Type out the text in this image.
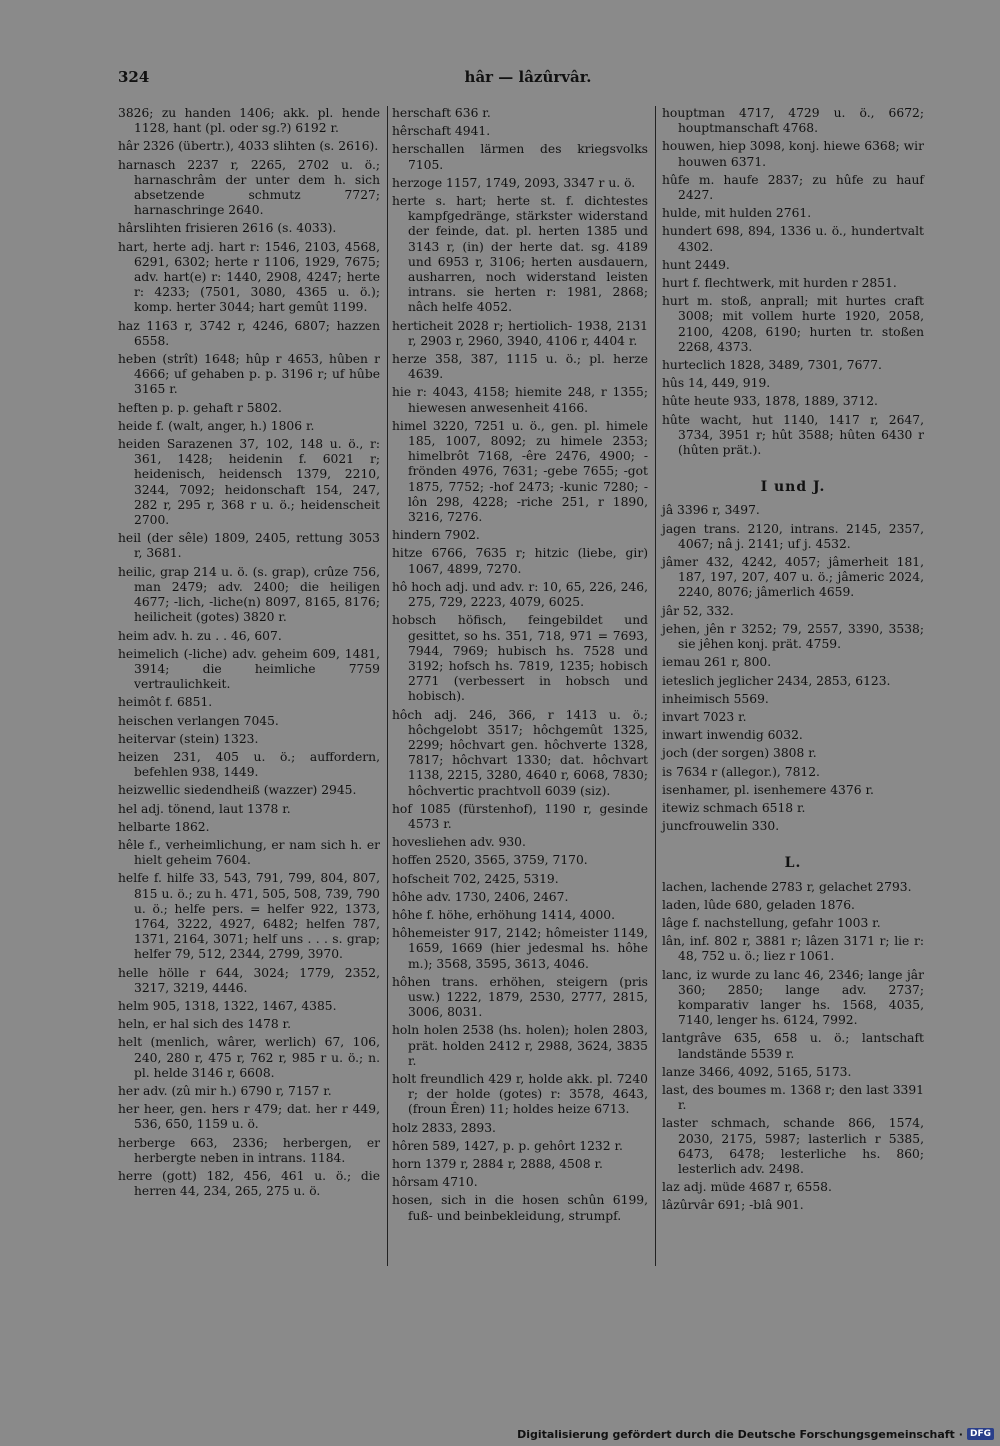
324	hâr — lâzûrvâr.

3826; zu handen 1406; akk. pl. hende 1128, hant (pl. oder sg.?) 6192 r.

hâr 2326 (übertr.), 4033 slihten (s. 2616).

harnasch 2237 r, 2265, 2702 u. ö.; harnaschrâm der unter dem h. sich absetzende schmutz 7727; harnaschringe 2640.

hârslihten frisieren 2616 (s. 4033).

hart, herte adj. hart r: 1546, 2103, 4568, 6291, 6302; herte r 1106, 1929, 7675; adv. hart(e) r: 1440, 2908, 4247; herte r: 4233; (7501, 3080, 4365 u. ö.); komp. herter 3044; hart gemût 1199.

haz 1163 r, 3742 r, 4246, 6807; hazzen 6558.

heben (strît) 1648; hûp r 4653, hûben r 4666; uf gehaben p. p. 3196 r; uf hûbe 3165 r.

heften p. p. gehaft r 5802.

heide f. (walt, anger, h.) 1806 r.

heiden Sarazenen 37, 102, 148 u. ö., r: 361, 1428; heidenin f. 6021 r; heidenisch, heidensch 1379, 2210, 3244, 7092; heidonschaft 154, 247, 282 r, 295 r, 368 r u. ö.; heidenscheit 2700.

heil (der sêle) 1809, 2405, rettung 3053 r, 3681.

heilic, grap 214 u. ö. (s. grap), crûze 756, man 2479; adv. 2400; die heiligen 4677; -lich, -liche(n) 8097, 8165, 8176; heilicheit (gotes) 3820 r.

heim adv. h. zu . . 46, 607.

heimelich (-liche) adv. geheim 609, 1481, 3914; die heimliche 7759 vertraulichkeit.

heimôt f. 6851.

heischen verlangen 7045.

heitervar (stein) 1323.

heizen 231, 405 u. ö.; auffordern, befehlen 938, 1449.

heizwellic siedendheiß (wazzer) 2945.

hel adj. tönend, laut 1378 r.

helbarte 1862.

hêle f., verheimlichung, er nam sich h. er hielt geheim 7604.

helfe f. hilfe 33, 543, 791, 799, 804, 807, 815 u. ö.; zu h. 471, 505, 508, 739, 790 u. ö.; helfe pers. = helfer 922, 1373, 1764, 3222, 4927, 6482; helfen 787, 1371, 2164, 3071; helf uns . . . s. grap; helfer 79, 512, 2344, 2799, 3970.

helle hölle r 644, 3024; 1779, 2352, 3217, 3219, 4446.

helm 905, 1318, 1322, 1467, 4385.

heln, er hal sich des 1478 r.

helt (menlich, wârer, werlich) 67, 106, 240, 280 r, 475 r, 762 r, 985 r u. ö.; n. pl. helde 3146 r, 6608.

her adv. (zû mir h.) 6790 r, 7157 r.

her heer, gen. hers r 479; dat. her r 449, 536, 650, 1159 u. ö.

herberge 663, 2336; herbergen, er herbergte neben in intrans. 1184.

herre (gott) 182, 456, 461 u. ö.; die herren 44, 234, 265, 275 u. ö.

herschaft 636 r.

hêrschaft 4941.

herschallen lärmen des kriegsvolks 7105.

herzoge 1157, 1749, 2093, 3347 r u. ö.

herte s. hart; herte st. f. dichtestes kampfgedränge, stärkster widerstand der feinde, dat. pl. herten 1385 und 3143 r, (in) der herte dat. sg. 4189 und 6953 r, 3106; herten ausdauern, ausharren, noch widerstand leisten intrans. sie herten r: 1981, 2868; nâch helfe 4052.

herticheit 2028 r; hertiolich- 1938, 2131 r, 2903 r, 2960, 3940, 4106 r, 4404 r.

herze 358, 387, 1115 u. ö.; pl. herze 4639.

hie r: 4043, 4158; hiemite 248, r 1355; hiewesen anwesenheit 4166.

himel 3220, 7251 u. ö., gen. pl. himele 185, 1007, 8092; zu himele 2353; himelbrôt 7168, -êre 2476, 4900; -frönden 4976, 7631; -gebe 7655; -got 1875, 7752; -hof 2473; -kunic 7280; -lôn 298, 4228; -riche 251, r 1890, 3216, 7276.

hindern 7902.

hitze 6766, 7635 r; hitzic (liebe, gir) 1067, 4899, 7270.

hô hoch adj. und adv. r: 10, 65, 226, 246, 275, 729, 2223, 4079, 6025.

hobsch höfisch, feingebildet und gesittet, so hs. 351, 718, 971 = 7693, 7944, 7969; hubisch hs. 7528 und 3192; hofsch hs. 7819, 1235; hobisch 2771 (verbessert in hobsch und hobisch).

hôch adj. 246, 366, r 1413 u. ö.; hôchgelobt 3517; hôchgemût 1325, 2299; hôchvart gen. hôchverte 1328, 7817; hôchvart 1330; dat. hôchvart 1138, 2215, 3280, 4640 r, 6068, 7830; hôchvertic prachtvoll 6039 (siz).

hof 1085 (fürstenhof), 1190 r, gesinde 4573 r.

hovesliehen adv. 930.

hoffen 2520, 3565, 3759, 7170.

hofscheit 702, 2425, 5319.

hôhe adv. 1730, 2406, 2467.

hôhe f. höhe, erhöhung 1414, 4000.

hôhemeister 917, 2142; hômeister 1149, 1659, 1669 (hier jedesmal hs. hôhe m.); 3568, 3595, 3613, 4046.

hôhen trans. erhöhen, steigern (pris usw.) 1222, 1879, 2530, 2777, 2815, 3006, 8031.

holn holen 2538 (hs. holen); holen 2803, prät. holden 2412 r, 2988, 3624, 3835 r.

holt freundlich 429 r, holde akk. pl. 7240 r; der holde (gotes) r: 3578, 4643, (froun Êren) 11; holdes heize 6713.

holz 2833, 2893.

hôren 589, 1427, p. p. gehôrt 1232 r.

horn 1379 r, 2884 r, 2888, 4508 r.

hôrsam 4710.

hosen, sich in die hosen schûn 6199, fuß- und beinbekleidung, strumpf.

houptman 4717, 4729 u. ö., 6672; houptmanschaft 4768.

houwen, hiep 3098, konj. hiewe 6368; wir houwen 6371.

hûfe m. haufe 2837; zu hûfe zu hauf 2427.

hulde, mit hulden 2761.

hundert 698, 894, 1336 u. ö., hundertvalt 4302.

hunt 2449.

hurt f. flechtwerk, mit hurden r 2851.

hurt m. stoß, anprall; mit hurtes craft 3008; mit vollem hurte 1920, 2058, 2100, 4208, 6190; hurten tr. stoßen 2268, 4373.

hurteclich 1828, 3489, 7301, 7677.

hûs 14, 449, 919.

hûte heute 933, 1878, 1889, 3712.

hûte wacht, hut 1140, 1417 r, 2647, 3734, 3951 r; hût 3588; hûten 6430 r (hûten prät.).

I und J.

jâ 3396 r, 3497.

jagen trans. 2120, intrans. 2145, 2357, 4067; nâ j. 2141; uf j. 4532.

jâmer 432, 4242, 4057; jâmerheit 181, 187, 197, 207, 407 u. ö.; jâmeric 2024, 2240, 8076; jâmerlich 4659.

jâr 52, 332.

jehen, jên r 3252; 79, 2557, 3390, 3538; sie jêhen konj. prät. 4759.

iemau 261 r, 800.

ieteslich jeglicher 2434, 2853, 6123.

inheimisch 5569.

invart 7023 r.

inwart inwendig 6032.

joch (der sorgen) 3808 r.

is 7634 r (allegor.), 7812.

isenhamer, pl. isenhemere 4376 r.

itewiz schmach 6518 r.

juncfrouwelin 330.

L.

lachen, lachende 2783 r, gelachet 2793.

laden, lûde 680, geladen 1876.

lâge f. nachstellung, gefahr 1003 r.

lân, inf. 802 r, 3881 r; lâzen 3171 r; lie r: 48, 752 u. ö.; liez r 1061.

lanc, iz wurde zu lanc 46, 2346; lange jâr 360; 2850; lange adv. 2737; komparativ langer hs. 1568, 4035, 7140, lenger hs. 6124, 7992.

lantgrâve 635, 658 u. ö.; lantschaft landstände 5539 r.

lanze 3466, 4092, 5165, 5173.

last, des boumes m. 1368 r; den last 3391 r.

laster schmach, schande 866, 1574, 2030, 2175, 5987; lasterlich r 5385, 6473, 6478; lesterliche hs. 860; lesterlich adv. 2498.

laz adj. müde 4687 r, 6558.

lâzûrvâr 691; -blâ 901.

Digitalisierung gefördert durch die Deutsche Forschungsgemeinschaft · DFG
